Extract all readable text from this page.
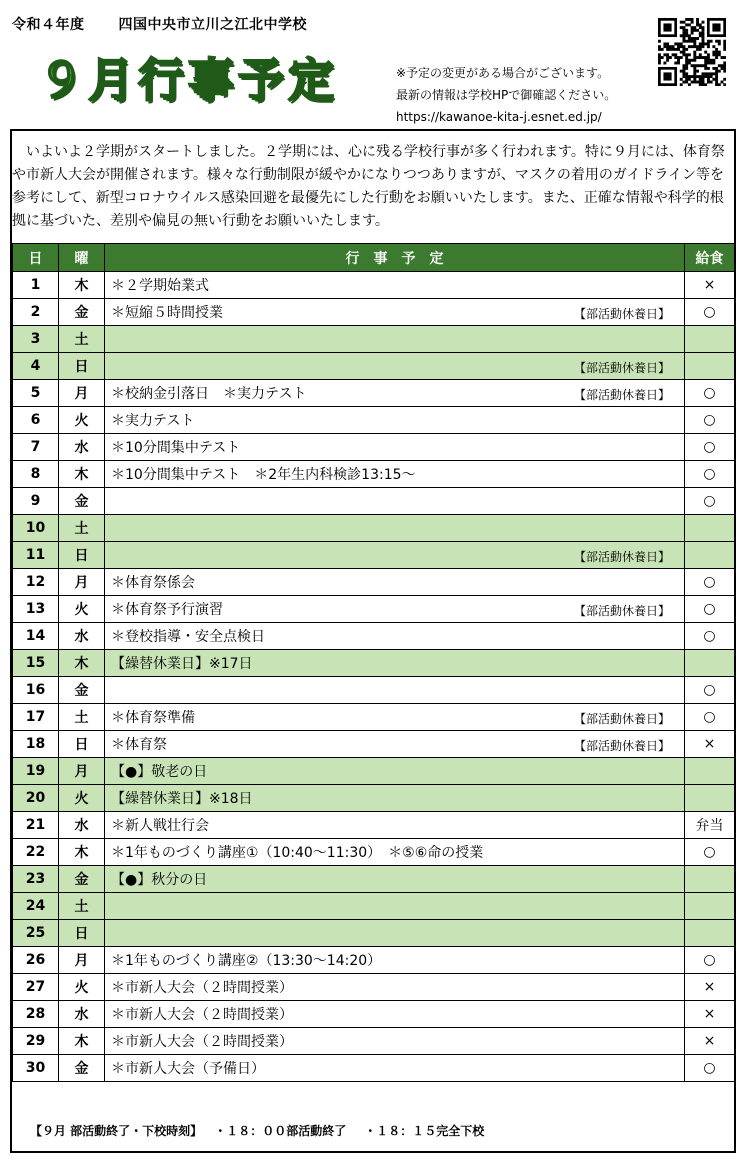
令和４年度 四国中央市立川之江北中学校
９月行事予定	※予定の変更がある場合がございます。
最新の情報は学校HPで御確認ください。
https://kawanoe-kita-j.esnet.ed.jp/
いよいよ２学期がスタートしました。２学期には、心に残る学校行事が多く行われます。特に９月には、体育祭や市新人大会が開催されます。様々な行動制限が緩やかになりつつありますが、マスクの着用のガイドライン等を参考にして、新型コロナウイルス感染回避を最優先にした行動をお願いいたします。また、正確な情報や科学的根拠に基づいた、差別や偏見の無い行動をお願いいたします。
日	曜	行　事　予　定	給食
1	木	＊２学期始業式	×
2	金	＊短縮５時間授業 【部活動休養日】	○
3	土		
4	日	【部活動休養日】	

5	月	＊校納金引落日　＊実力テスト 【部活動休養日】	○
6	火	＊実力テスト	○
7	水	＊10分間集中テスト	○
8	木	＊10分間集中テスト　＊2年生内科検診13:15～	○
9	金		○
10	土		
11	日	【部活動休養日】	

12	月	＊体育祭係会	○
13	火	＊体育祭予行演習 【部活動休養日】	○
14	水	＊登校指導・安全点検日	○
15	木	【繰替休業日】※17日	
16	金		○
17	土	＊体育祭準備 【部活動休養日】	○
18	日	＊体育祭 【部活動休養日】	×
19	月	【●】敬老の日	
20	火	【繰替休業日】※18日	
21	水	＊新人戦壮行会	弁当
22	木	＊1年ものづくり講座①（10:40～11:30）　＊⑤⑥命の授業	○
23	金	【●】秋分の日	
24	土		
25	日		
26	月	＊1年ものづくり講座②（13:30～14:20）	○
27	火	＊市新人大会（２時間授業）	×
28	水	＊市新人大会（２時間授業）	×
29	木	＊市新人大会（２時間授業）	×
30	金	＊市新人大会（予備日）	○
【９月 部活動終了・下校時刻】 ・１８：００部活動終了 ・１８：１５完全下校
